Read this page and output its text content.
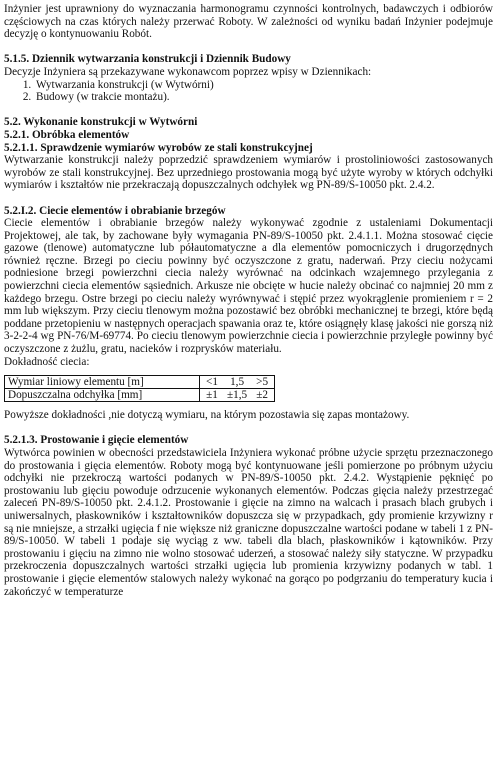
Inżynier jest uprawniony do wyznaczania harmonogramu czynności kontrolnych, badawczych i odbiorów częściowych na czas których należy przerwać Roboty. W zależności od wyniku badań Inżynier podejmuje decyzję o kontynuowaniu Robót.

5.1.5. Dziennik wytwarzania konstrukcji i Dziennik Budowy

Decyzje Inżyniera są przekazywane wykonawcom poprzez wpisy w Dziennikach:

1. Wytwarzania konstrukcji (w Wytwórni)
2. Budowy (w trakcie montażu).

5.2. Wykonanie konstrukcji w Wytwórni

5.2.1. Obróbka elementów

5.2.1.1. Sprawdzenie wymiarów wyrobów ze stali konstrukcyjnej

Wytwarzanie konstrukcji należy poprzedzić sprawdzeniem wymiarów i prostoliniowości zastosowanych wyrobów ze stali konstrukcyjnej. Bez uprzedniego prostowania mogą być użyte wyroby w których odchyłki wymiarów i kształtów nie przekraczają dopuszczalnych odchyłek wg PN-89/S-10050 pkt. 2.4.2.

5.2.I.2. Ciecie elementów i obrabianie brzegów

Ciecie elementów i obrabianie brzegów należy wykonywać zgodnie z ustaleniami Dokumentacji Projektowej, ale tak, by zachowane były wymagania PN-89/S-10050 pkt. 2.4.1.1. Można stosować cięcie gazowe (tlenowe) automatyczne lub półautomatyczne a dla elementów pomocniczych i drugorzędnych również ręczne. Brzegi po cieciu powinny być oczyszczone z gratu, naderwań. Przy cieciu nożycami podniesione brzegi powierzchni ciecia należy wyrównać na odcinkach wzajemnego przylegania z powierzchni ciecia elementów sąsiednich. Arkusze nie obcięte w hucie należy obcinać co najmniej 20 mm z każdego brzegu. Ostre brzegi po cieciu należy wyrównywać i stępić przez wyokrąglenie promieniem r = 2 mm lub większym. Przy cieciu tlenowym można pozostawić bez obróbki mechanicznej te brzegi, które będą poddane przetopieniu w następnych operacjach spawania oraz te, które osiągnęły klasę jakości nie gorszą niż 3-2-2-4 wg PN-76/M-69774. Po cieciu tlenowym powierzchnie ciecia i powierzchnie przyległe powinny być oczyszczone z żużlu, gratu, nacieków i rozprysków materiału.

Dokładność ciecia:

Wymiar liniowy elementu [m]	<1	1,5	>5
Dopuszczalna odchyłka [mm]	±1	±1,5	±2

Powyższe dokładności ,nie dotyczą wymiaru, na którym pozostawia się zapas montażowy.

5.2.1.3. Prostowanie i gięcie elementów

Wytwórca powinien w obecności przedstawiciela Inżyniera wykonać próbne użycie sprzętu przeznaczonego do prostowania i gięcia elementów. Roboty mogą być kontynuowane jeśli pomierzone po próbnym użyciu odchyłki nie przekroczą wartości podanych w PN-89/S-10050 pkt. 2.4.2. Wystąpienie pęknięć po prostowaniu lub gięciu powoduje odrzucenie wykonanych elementów. Podczas gięcia należy przestrzegać zaleceń PN-89/S-10050 pkt. 2.4.1.2. Prostowanie i gięcie na zimno na walcach i prasach blach grubych i uniwersalnych, płaskowników i kształtowników dopuszcza się w przypadkach, gdy promienie krzywizny r są nie mniejsze, a strzałki ugięcia f nie większe niż graniczne dopuszczalne wartości podane w tabeli 1 z PN-89/S-10050. W tabeli 1 podaje się wyciąg z ww. tabeli dla blach, płaskowników i kątowników. Przy prostowaniu i gięciu na zimno nie wolno stosować uderzeń, a stosować należy siły statyczne. W przypadku przekroczenia dopuszczalnych wartości strzałki ugięcia lub promienia krzywizny podanych w tabl. 1 prostowanie i gięcie elementów stalowych należy wykonać na gorąco po podgrzaniu do temperatury kucia i zakończyć w temperaturze
